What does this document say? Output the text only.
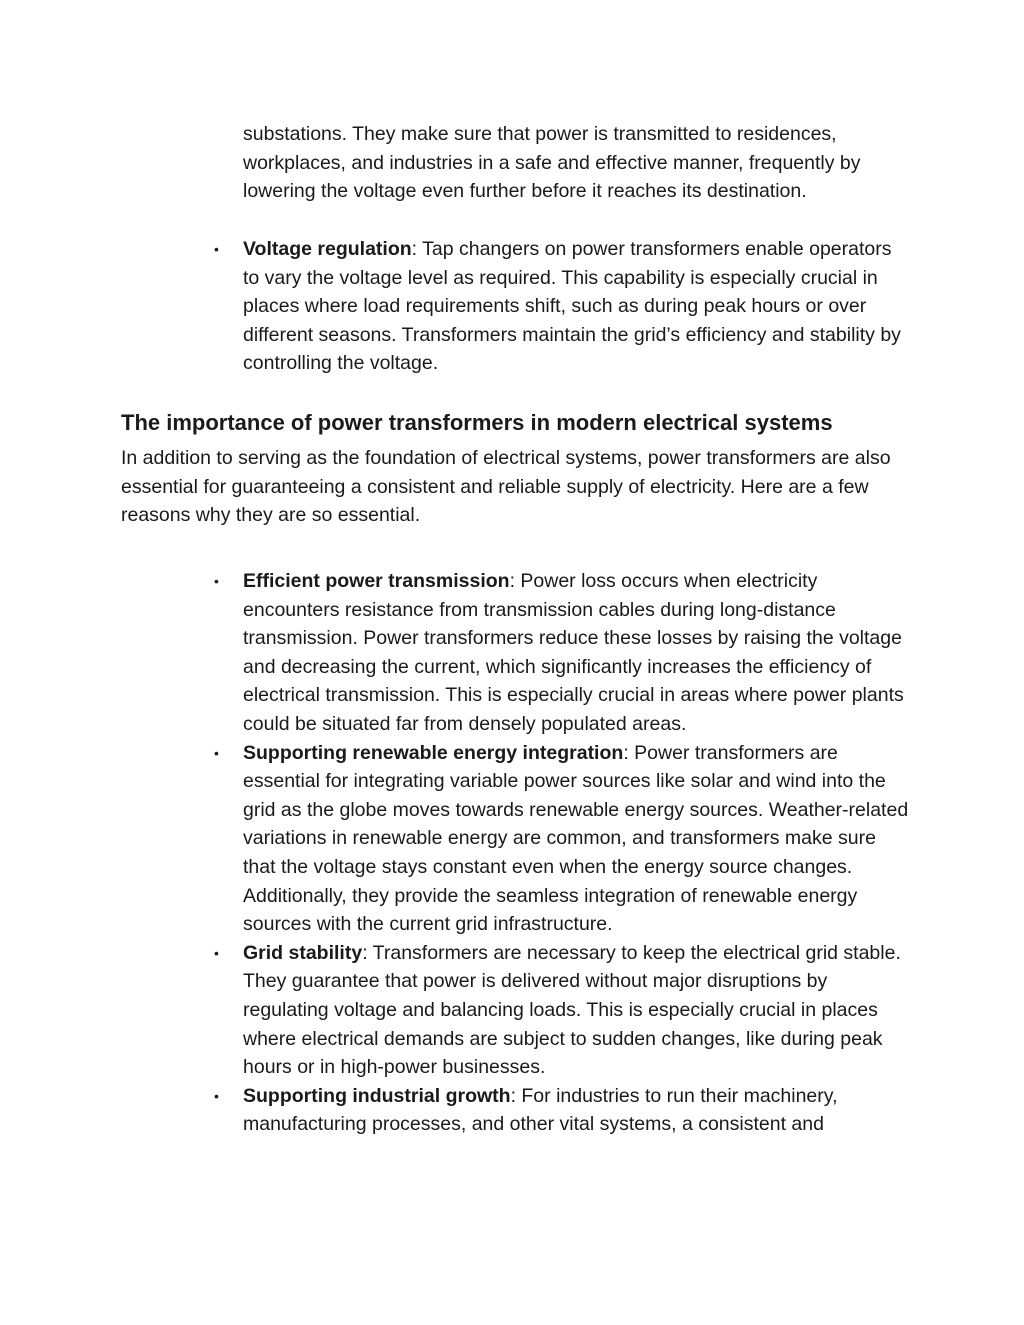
substations. They make sure that power is transmitted to residences, workplaces, and industries in a safe and effective manner, frequently by lowering the voltage even further before it reaches its destination.

• Voltage regulation: Tap changers on power transformers enable operators to vary the voltage level as required. This capability is especially crucial in places where load requirements shift, such as during peak hours or over different seasons. Transformers maintain the grid’s efficiency and stability by controlling the voltage.
The importance of power transformers in modern electrical systems

In addition to serving as the foundation of electrical systems, power transformers are also essential for guaranteeing a consistent and reliable supply of electricity. Here are a few reasons why they are so essential.

• Efficient power transmission: Power loss occurs when electricity encounters resistance from transmission cables during long-distance transmission. Power transformers reduce these losses by raising the voltage and decreasing the current, which significantly increases the efficiency of electrical transmission. This is especially crucial in areas where power plants could be situated far from densely populated areas.
• Supporting renewable energy integration: Power transformers are essential for integrating variable power sources like solar and wind into the grid as the globe moves towards renewable energy sources. Weather-related variations in renewable energy are common, and transformers make sure that the voltage stays constant even when the energy source changes. Additionally, they provide the seamless integration of renewable energy sources with the current grid infrastructure.
• Grid stability: Transformers are necessary to keep the electrical grid stable. They guarantee that power is delivered without major disruptions by regulating voltage and balancing loads. This is especially crucial in places where electrical demands are subject to sudden changes, like during peak hours or in high-power businesses.
• Supporting industrial growth: For industries to run their machinery, manufacturing processes, and other vital systems, a consistent and
